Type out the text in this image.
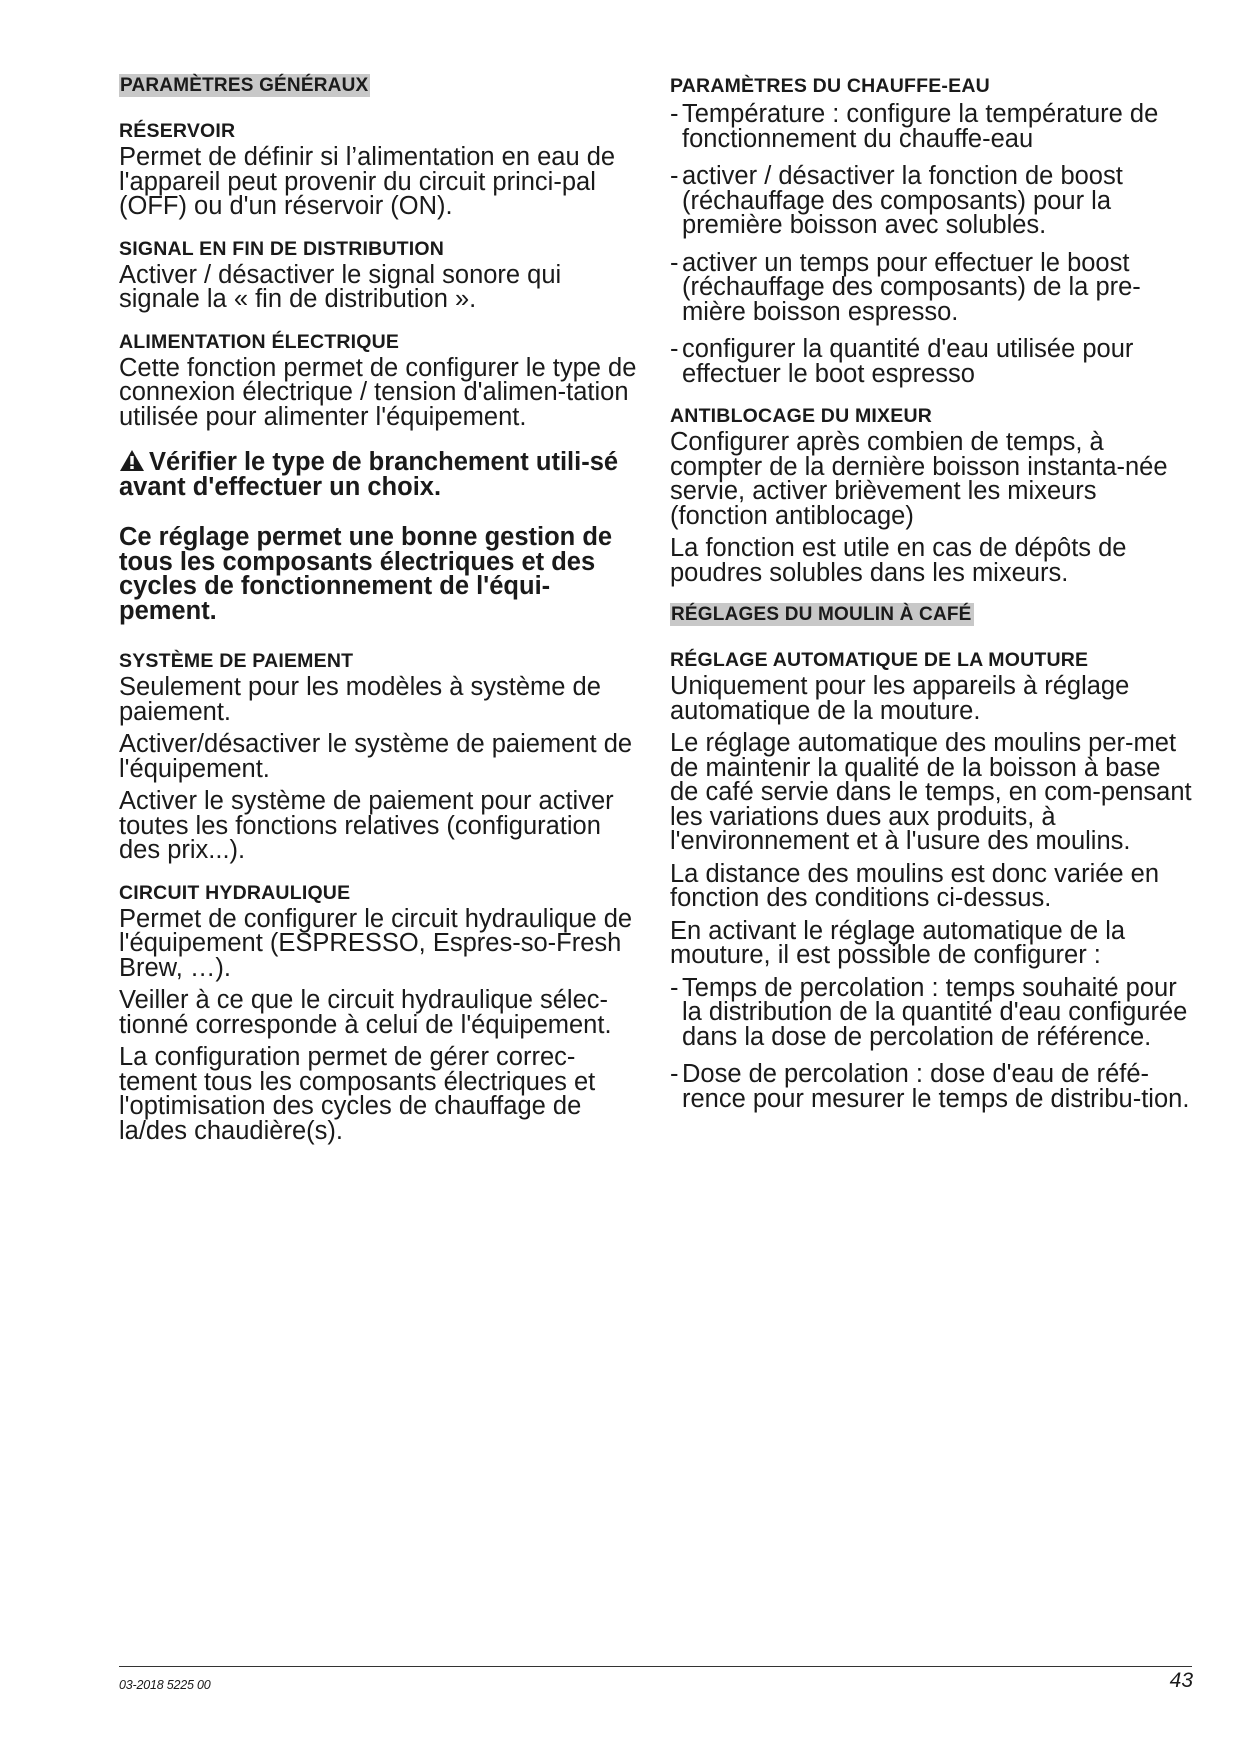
PARAMÈTRES GÉNÉRAUX
RÉSERVOIR
Permet de définir si l’alimentation en eau de l'appareil peut provenir du circuit princi-pal (OFF) ou d'un réservoir (ON).
SIGNAL EN FIN DE DISTRIBUTION
Activer / désactiver le signal sonore qui signale la « fin de distribution ».
ALIMENTATION ÉLECTRIQUE
Cette fonction permet de configurer le type de connexion électrique / tension d'alimen-tation utilisée pour alimenter l'équipement.
Vérifier le type de branchement utili-sé avant d'effectuer un choix.
Ce réglage permet une bonne gestion de tous les composants électriques et des cycles de fonctionnement de l'équi-pement.
SYSTÈME DE PAIEMENT
Seulement pour les modèles à système de paiement.
Activer/désactiver le système de paiement de l'équipement.
Activer le système de paiement pour activer toutes les fonctions relatives (configuration des prix...).
CIRCUIT HYDRAULIQUE
Permet de configurer le circuit hydraulique de l'équipement (ESPRESSO, Espres-so-Fresh Brew, …).
Veiller à ce que le circuit hydraulique sélec-tionné corresponde à celui de l'équipement.
La configuration permet de gérer correc-tement tous les composants électriques et l'optimisation des cycles de chauffage de la/des chaudière(s).
PARAMÈTRES DU CHAUFFE-EAU
- Température : configure la température de fonctionnement du chauffe-eau
- activer / désactiver la fonction de boost (réchauffage des composants) pour la première boisson avec solubles.
- activer un temps pour effectuer le boost (réchauffage des composants) de la pre-mière boisson espresso.
- configurer la quantité d'eau utilisée pour effectuer le boot espresso
ANTIBLOCAGE DU MIXEUR
Configurer après combien de temps, à compter de la dernière boisson instanta-née servie, activer brièvement les mixeurs (fonction antiblocage)
La fonction est utile en cas de dépôts de poudres solubles dans les mixeurs.
RÉGLAGES DU MOULIN À CAFÉ
RÉGLAGE AUTOMATIQUE DE LA MOUTURE
Uniquement pour les appareils à réglage automatique de la mouture.
Le réglage automatique des moulins per-met de maintenir la qualité de la boisson à base de café servie dans le temps, en com-pensant les variations dues aux produits, à l'environnement et à l'usure des moulins.
La distance des moulins est donc variée en fonction des conditions ci-dessus.
En activant le réglage automatique de la mouture, il est possible de configurer :
- Temps de percolation : temps souhaité pour la distribution de la quantité d'eau configurée dans la dose de percolation de référence.
- Dose de percolation : dose d'eau de réfé-rence pour mesurer le temps de distribu-tion.
03-2018 5225 00	43
